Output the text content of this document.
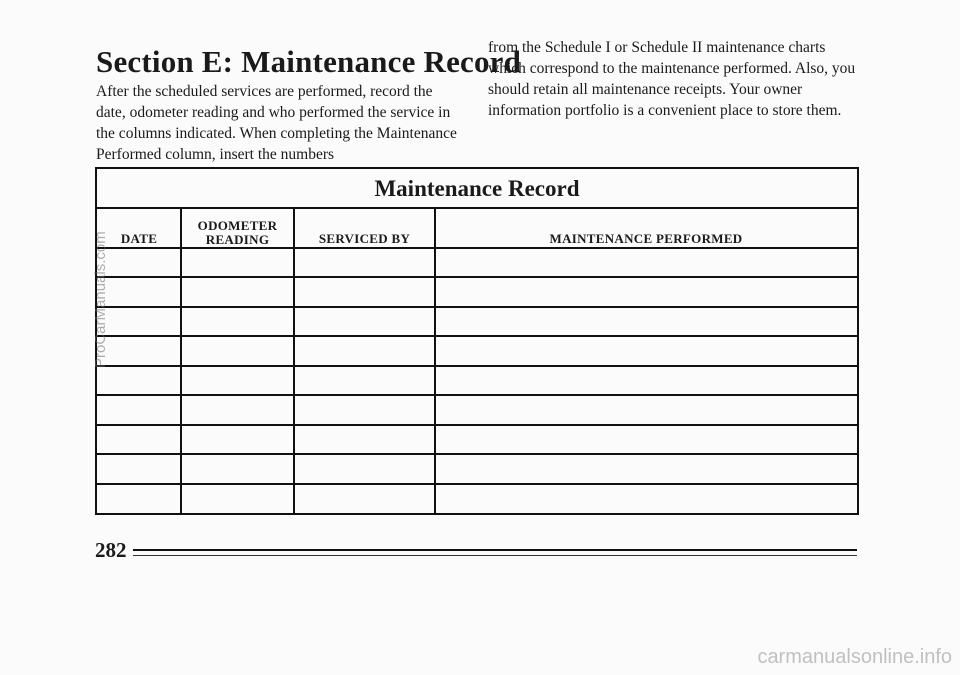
Section E: Maintenance Record

After the scheduled services are performed, record the date, odometer reading and who performed the service in the columns indicated. When completing the Maintenance Performed column, insert the numbers

from the Schedule I or Schedule II maintenance charts which correspond to the maintenance performed. Also, you should retain all maintenance receipts. Your owner information portfolio is a convenient place to store them.

Maintenance Record
DATE
ODOMETER
READING	SERVICED BY	MAINTENANCE PERFORMED
ProCarManuals.com

282

carmanualsonline.info
